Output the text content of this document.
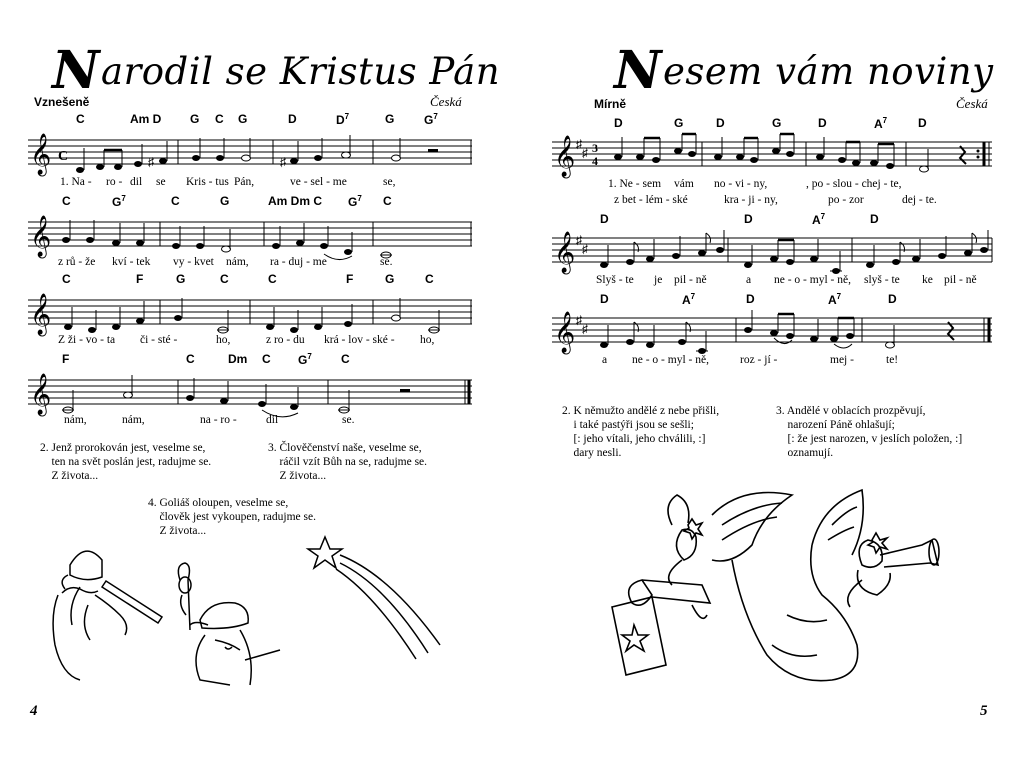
Narodil se Kristus Pán
Vznešeně	Česká
C	Am D G C G	D	$D^7$	G $G^7$
𝄞 C	♯	♯
1. Na - ro - dil se Kris - tus Pán,	ve - sel - me	se,
C	$G^7$	C	G	Am Dm C $G^7$ C
𝄞
z rů - že kví - tek vy - kvet nám, ra - duj - me	se.
C	F	G	C	C	F	G	C
𝄞
Z ži - vo - ta či - sté -	ho,	z ro - du krá - lov - ské - ho,
F	C	Dm C $G^7$ C
𝄞
nám,	nám,	na - ro -	dil	se.
2. Jenž prorokován jest, veselme se,
ten na svět poslán jest, radujme se.
Z života...
3. Člověčenství naše, veselme se,
ráčil vzít Bůh na se, radujme se.
Z života...
4. Goliáš oloupen, veselme se,
člověk jest vykoupen, radujme se.
Z života...
4
Nesem vám noviny
Mírně	Česká
D	G	D	G	D	$A^7$	D
𝄞 ♯
♯ 3
4
1. Ne - sem vám no - vi - ny,	, po - slou - chej - te,
z bet - lém - ské	kra - ji - ny,	po - zor	dej - te.
D	D	$A^7$	D
𝄞 ♯
♯
Slyš - te je pil - ně	a ne - o - myl - ně, slyš - te ke pil - ně
D	$A^7$	D	$A^7$	D
𝄞 ♯
♯
a ne - o - myl - ně,	roz - jí -	mej -	te!
2. K němužto andělé z nebe přišli,
i také pastýři jsou se sešli;
[: jeho vítali, jeho chválili, :]
dary nesli.
3. Andělé v oblacích prozpěvují,
narození Páně ohlašují;
[: že jest narozen, v jeslích položen, :]
oznamují.
5
